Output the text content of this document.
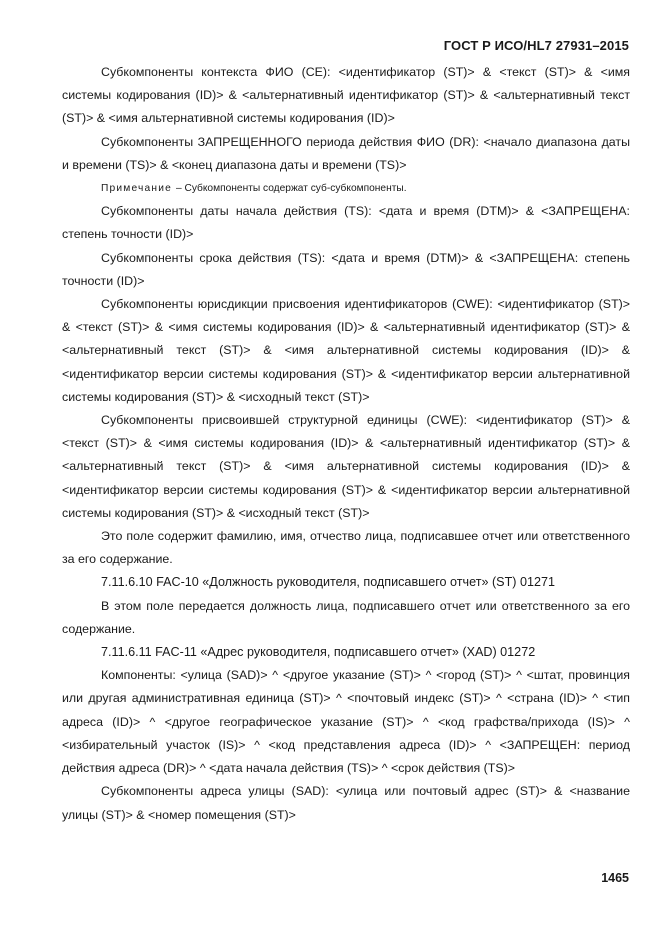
ГОСТ Р ИСО/HL7 27931–2015

Субкомпоненты контекста ФИО (CE): <идентификатор (ST)> & <текст (ST)> & <имя системы кодирования (ID)> & <альтернативный идентификатор (ST)> & <альтернативный текст (ST)> & <имя альтернативной системы кодирования (ID)>

Субкомпоненты ЗАПРЕЩЕННОГО периода действия ФИО (DR): <начало диапазона даты и времени (TS)> & <конец диапазона даты и времени (TS)>

Примечание – Субкомпоненты содержат суб-субкомпоненты.

Субкомпоненты даты начала действия (TS): <дата и время (DTM)> & <ЗАПРЕЩЕНА: степень точности (ID)>

Субкомпоненты срока действия (TS): <дата и время (DTM)> & <ЗАПРЕЩЕНА: степень точности (ID)>

Субкомпоненты юрисдикции присвоения идентификаторов (CWE): <идентификатор (ST)> & <текст (ST)> & <имя системы кодирования (ID)> & <альтернативный идентификатор (ST)> & <альтернативный текст (ST)> & <имя альтернативной системы кодирования (ID)> & <идентификатор версии системы кодирования (ST)> & <идентификатор версии альтернативной системы кодирования (ST)> & <исходный текст (ST)>

Субкомпоненты присвоившей структурной единицы (CWE): <идентификатор (ST)> & <текст (ST)> & <имя системы кодирования (ID)> & <альтернативный идентификатор (ST)> & <альтернативный текст (ST)> & <имя альтернативной системы кодирования (ID)> & <идентификатор версии системы кодирования (ST)> & <идентификатор версии альтернативной системы кодирования (ST)> & <исходный текст (ST)>

Это поле содержит фамилию, имя, отчество лица, подписавшее отчет или ответственного за его содержание.

7.11.6.10 FAC-10 «Должность руководителя, подписавшего отчет» (ST) 01271

В этом поле передается должность лица, подписавшего отчет или ответственного за его содержание.

7.11.6.11 FAC-11 «Адрес руководителя, подписавшего отчет» (XAD) 01272

Компоненты: <улица (SAD)> ^ <другое указание (ST)> ^ <город (ST)> ^ <штат, провинция или другая административная единица (ST)> ^ <почтовый индекс (ST)> ^ <страна (ID)> ^ <тип адреса (ID)> ^ <другое географическое указание (ST)> ^ <код графства/прихода (IS)> ^ <избирательный участок (IS)> ^ <код представления адреса (ID)> ^ <ЗАПРЕЩЕН: период действия адреса (DR)> ^ <дата начала действия (TS)> ^ <срок действия (TS)>

Субкомпоненты адреса улицы (SAD): <улица или почтовый адрес (ST)> & <название улицы (ST)> & <номер помещения (ST)>

1465
